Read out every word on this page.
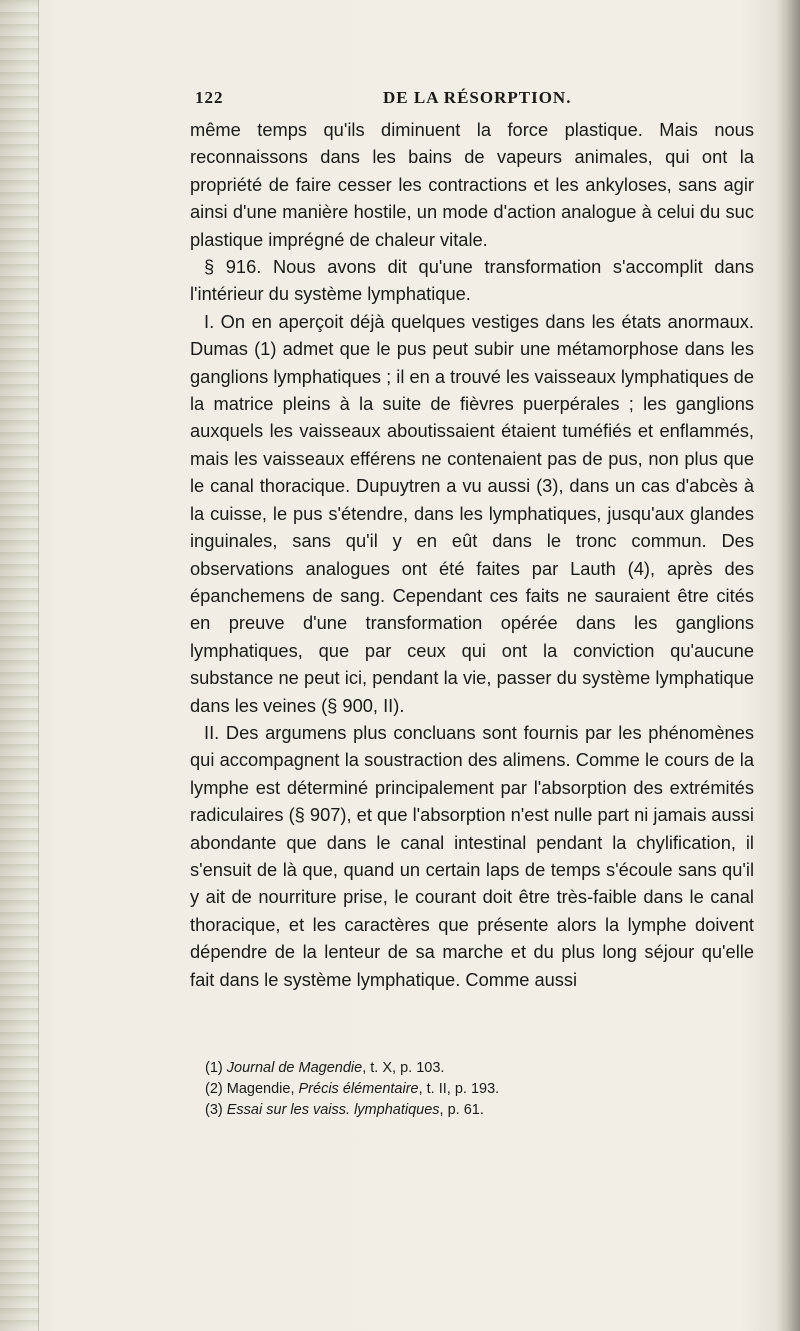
122	DE LA RÉSORPTION.

même temps qu'ils diminuent la force plastique. Mais nous reconnaissons dans les bains de vapeurs animales, qui ont la propriété de faire cesser les contractions et les ankyloses, sans agir ainsi d'une manière hostile, un mode d'action analogue à celui du suc plastique imprégné de chaleur vitale.

§ 916. Nous avons dit qu'une transformation s'accomplit dans l'intérieur du système lymphatique.

I. On en aperçoit déjà quelques vestiges dans les états anormaux. Dumas (1) admet que le pus peut subir une métamorphose dans les ganglions lymphatiques ; il en a trouvé les vaisseaux lymphatiques de la matrice pleins à la suite de fièvres puerpérales ; les ganglions auxquels les vaisseaux aboutissaient étaient tuméfiés et enflammés, mais les vaisseaux efférens ne contenaient pas de pus, non plus que le canal thoracique. Dupuytren a vu aussi (3), dans un cas d'abcès à la cuisse, le pus s'étendre, dans les lymphatiques, jusqu'aux glandes inguinales, sans qu'il y en eût dans le tronc commun. Des observations analogues ont été faites par Lauth (4), après des épanchemens de sang. Cependant ces faits ne sauraient être cités en preuve d'une transformation opérée dans les ganglions lymphatiques, que par ceux qui ont la conviction qu'aucune substance ne peut ici, pendant la vie, passer du système lymphatique dans les veines (§ 900, II).

II. Des argumens plus concluans sont fournis par les phénomènes qui accompagnent la soustraction des alimens. Comme le cours de la lymphe est déterminé principalement par l'absorption des extrémités radiculaires (§ 907), et que l'absorption n'est nulle part ni jamais aussi abondante que dans le canal intestinal pendant la chylification, il s'ensuit de là que, quand un certain laps de temps s'écoule sans qu'il y ait de nourriture prise, le courant doit être très-faible dans le canal thoracique, et les caractères que présente alors la lymphe doivent dépendre de la lenteur de sa marche et du plus long séjour qu'elle fait dans le système lymphatique. Comme aussi

(1) Journal de Magendie, t. X, p. 103.

(2) Magendie, Précis élémentaire, t. II, p. 193.

(3) Essai sur les vaiss. lymphatiques, p. 61.
